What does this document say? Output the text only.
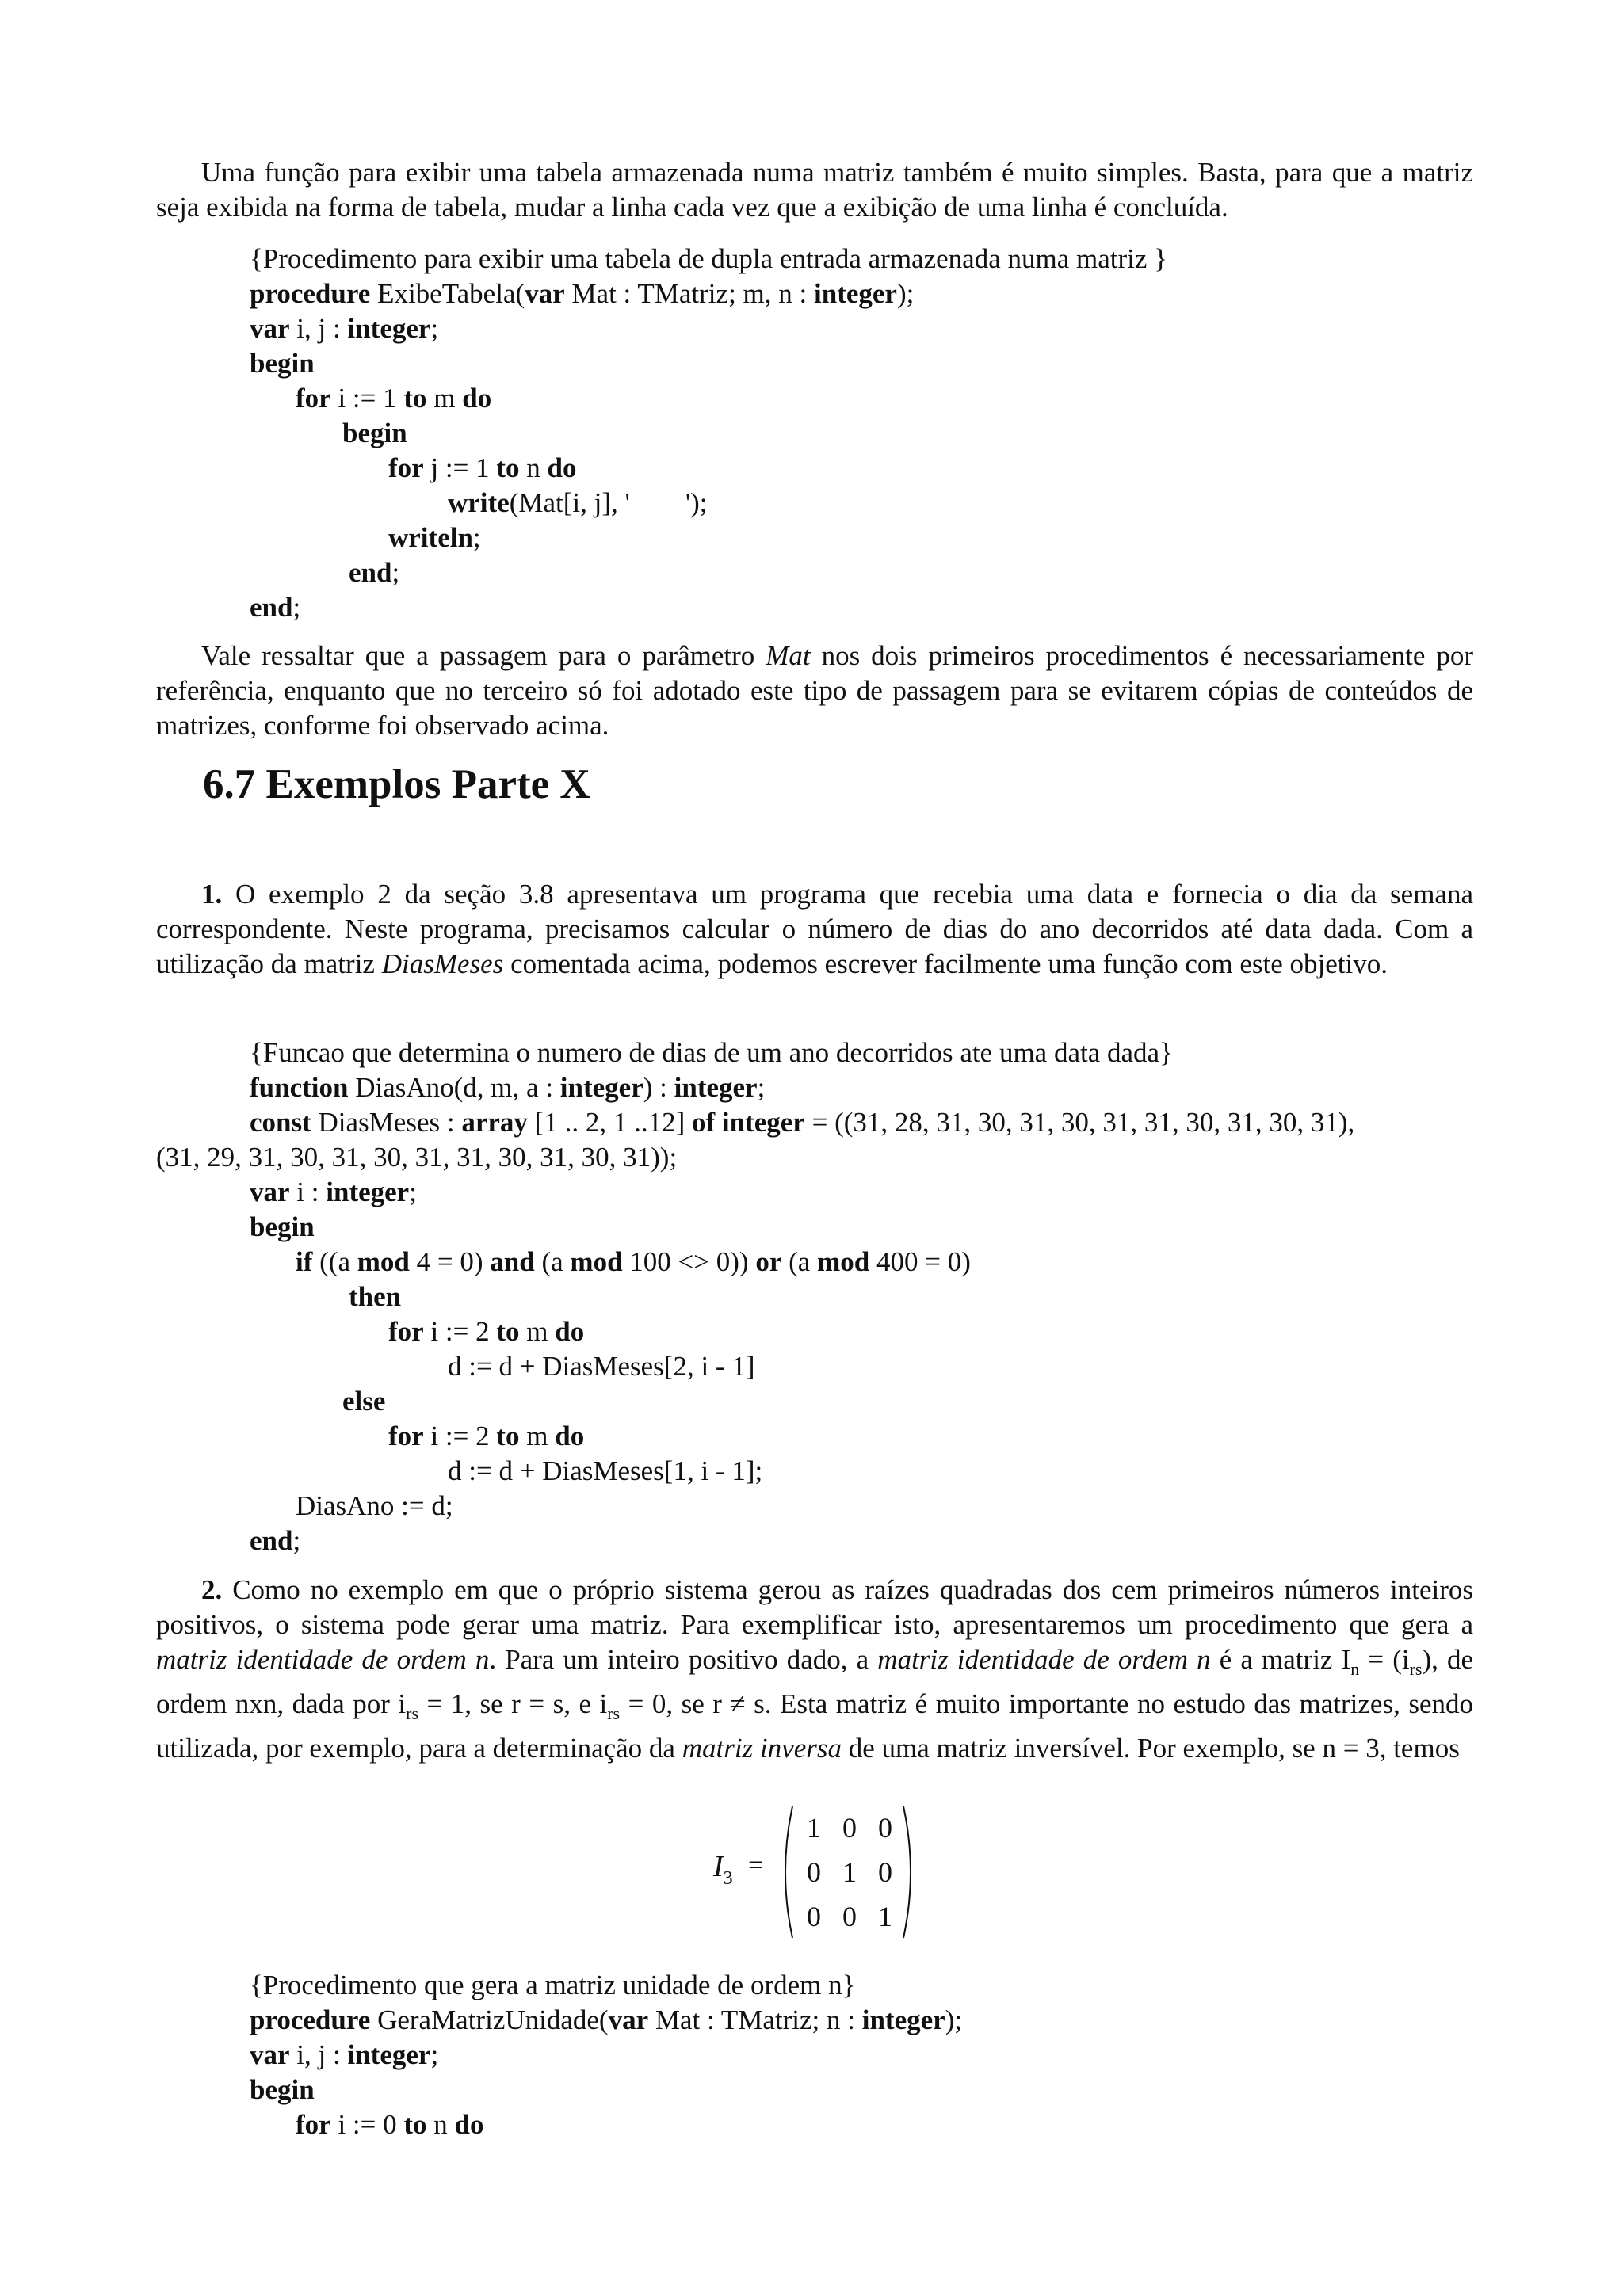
Uma função para exibir uma tabela armazenada numa matriz também é muito simples. Basta, para que a matriz seja exibida na forma de tabela, mudar a linha cada vez que a exibição de uma linha é concluída.

{Procedimento para exibir uma tabela de dupla entrada armazenada numa matriz }
procedure ExibeTabela(var Mat : TMatriz; m, n : integer);
var i, j : integer;
begin
for i := 1 to m do
begin
for j := 1 to n do
write(Mat[i, j], '        ');
writeln;
end;
end;

Vale ressaltar que a passagem para o parâmetro Mat nos dois primeiros procedimentos é necessariamente por referência, enquanto que no terceiro só foi adotado este tipo de passagem para se evitarem cópias de conteúdos de matrizes, conforme foi observado acima.

6.7 Exemplos Parte X

1. O exemplo 2 da seção 3.8 apresentava um programa que recebia uma data e fornecia o dia da semana correspondente. Neste programa, precisamos calcular o número de dias do ano decorridos até data dada. Com a utilização da matriz DiasMeses comentada acima, podemos escrever facilmente uma função com este objetivo.

{Funcao que determina o numero de dias de um ano decorridos ate uma data dada}
function DiasAno(d, m, a : integer) : integer;
const DiasMeses : array [1 .. 2, 1 ..12] of integer = ((31, 28, 31, 30, 31, 30, 31, 31, 30, 31, 30, 31),
(31, 29, 31, 30, 31, 30, 31, 31, 30, 31, 30, 31));
var i : integer;
begin
if ((a mod 4 = 0) and (a mod 100 <> 0)) or (a mod 400 = 0)
then
for i := 2 to m do
d := d + DiasMeses[2, i - 1]
else
for i := 2 to m do
d := d + DiasMeses[1, i - 1];
DiasAno := d;
end;

2. Como no exemplo em que o próprio sistema gerou as raízes quadradas dos cem primeiros números inteiros positivos, o sistema pode gerar uma matriz. Para exemplificar isto, apresentaremos um procedimento que gera a matriz identidade de ordem n. Para um inteiro positivo dado, a matriz identidade de ordem n é a matriz $I_n = (i_{rs})$, de ordem nxn, dada por $i_{rs} = 1$, se r = s, e $i_{rs} = 0$, se r ≠ s. Esta matriz é muito importante no estudo das matrizes, sendo utilizada, por exemplo, para a determinação da matriz inversa de uma matriz inversível. Por exemplo, se n = 3, temos

$I_3$ =
1 0 0
0 1 0
0 0 1
{Procedimento que gera a matriz unidade de ordem n}
procedure GeraMatrizUnidade(var Mat : TMatriz; n : integer);
var i, j : integer;
begin
for i := 0 to n do
